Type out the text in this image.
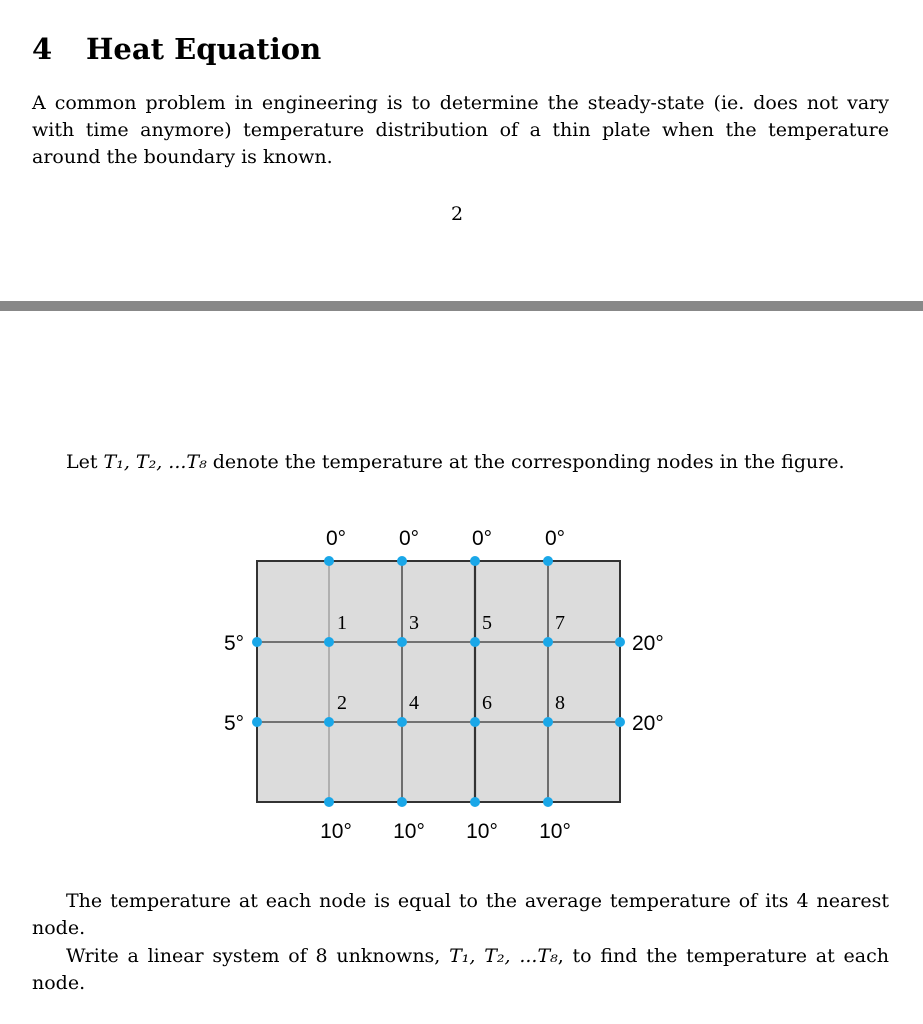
4 Heat Equation

A common problem in engineering is to determine the steady-state (ie. does not vary with time anymore) temperature distribution of a thin plate when the temperature around the boundary is known.

2

Let T₁, T₂, ...T₈ denote the temperature at the corresponding nodes in the figure.

0°	0°	0°	0°
5°
5°
20°
20°
10° 10° 10° 10°
1
2
3
4
5
6
7
8

The temperature at each node is equal to the average temperature of its 4 nearest node.

Write a linear system of 8 unknowns, T₁, T₂, ...T₈, to find the temperature at each node.
